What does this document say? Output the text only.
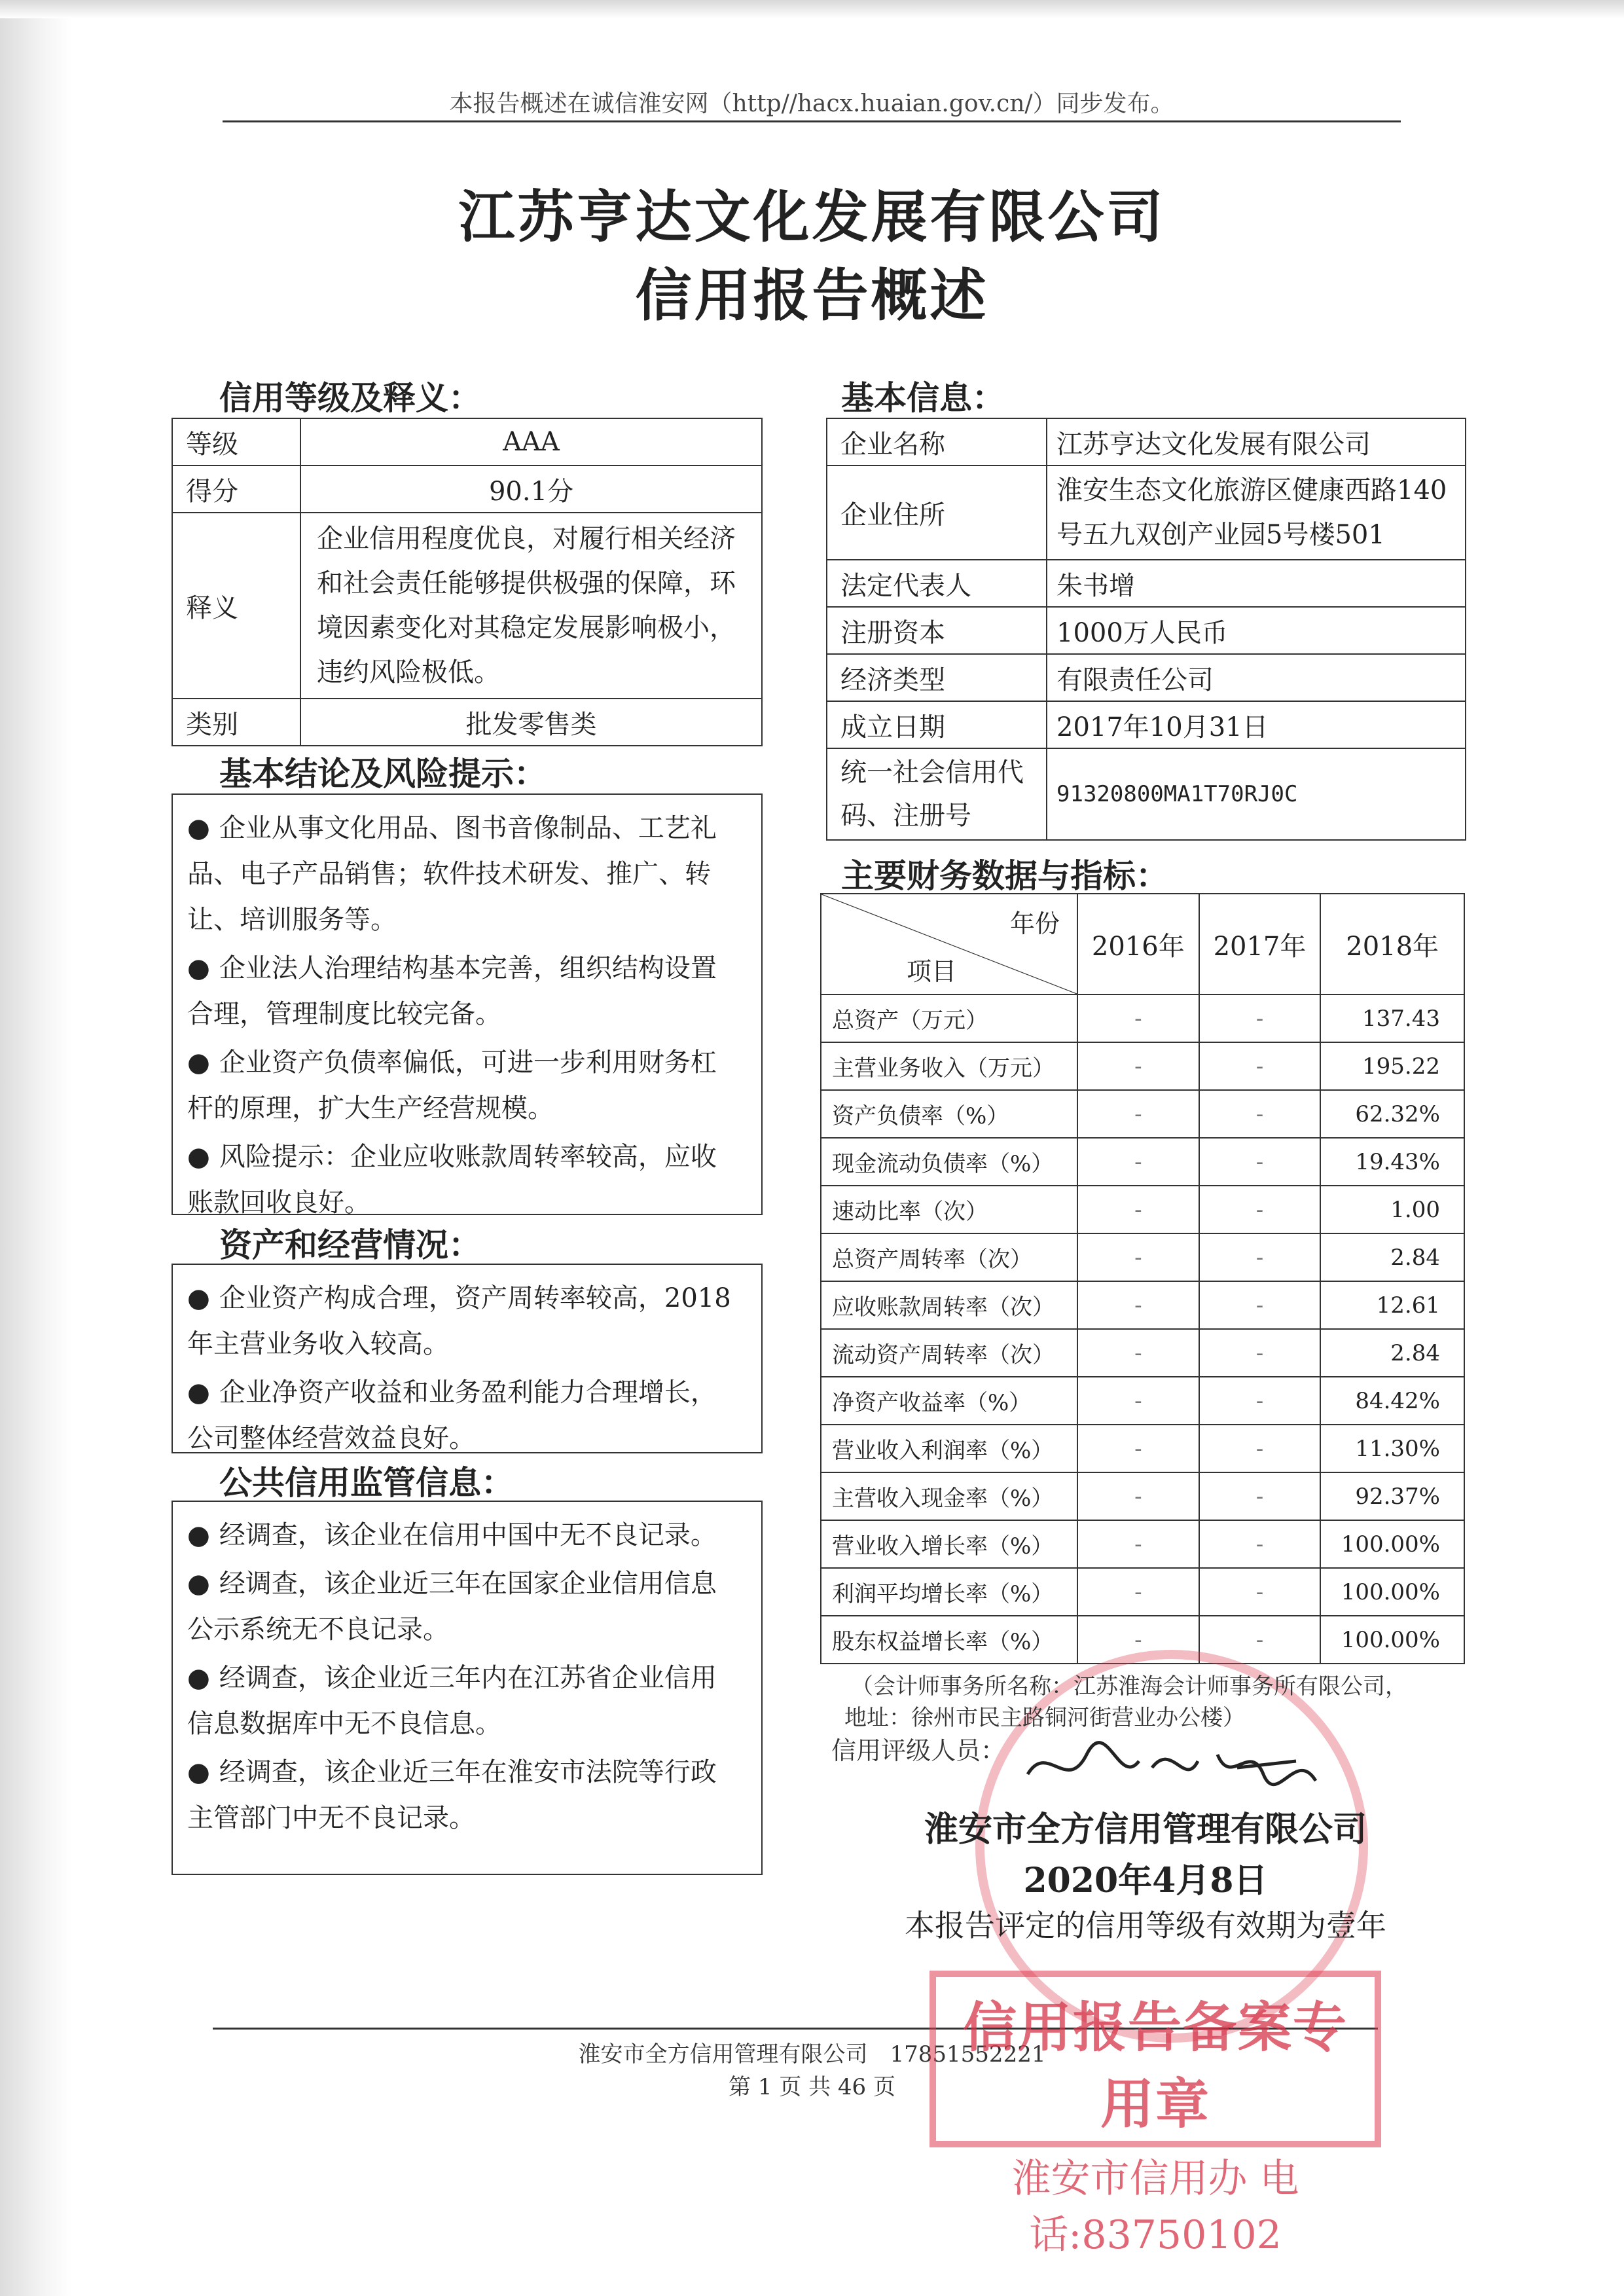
本报告概述在诚信淮安网（http//hacx.huaian.gov.cn/）同步发布。
江苏亨达文化发展有限公司
信用报告概述
信用等级及释义：
等级	AAA
得分	90.1分
释义	企业信用程度优良，对履行相关经济和社会责任能够提供极强的保障，环境因素变化对其稳定发展影响极小，违约风险极低。
类别	批发零售类
基本结论及风险提示：

● 企业从事文化用品、图书音像制品、工艺礼品、电子产品销售；软件技术研发、推广、转让、培训服务等。

● 企业法人治理结构基本完善，组织结构设置合理，管理制度比较完备。

● 企业资产负债率偏低，可进一步利用财务杠杆的原理，扩大生产经营规模。

● 风险提示：企业应收账款周转率较高，应收账款回收良好。

资产和经营情况：

● 企业资产构成合理，资产周转率较高，2018年主营业务收入较高。

● 企业净资产收益和业务盈利能力合理增长，公司整体经营效益良好。

公共信用监管信息：

● 经调查，该企业在信用中国中无不良记录。

● 经调查，该企业近三年在国家企业信用信息公示系统无不良记录。

● 经调查，该企业近三年内在江苏省企业信用信息数据库中无不良信息。

● 经调查，该企业近三年在淮安市法院等行政主管部门中无不良记录。

基本信息：
企业名称	江苏亨达文化发展有限公司
企业住所	淮安生态文化旅游区健康西路140号五九双创产业园5号楼501
法定代表人	朱书增
注册资本	1000万人民币
经济类型	有限责任公司
成立日期	2017年10月31日
统一社会信用代码、注册号	91320800MA1T70RJ0C
主要财务数据与指标：
年份
项目	2016年	2017年	2018年
总资产（万元）	-	-	137.43
主营业务收入（万元）	-	-	195.22
资产负债率（%）	-	-	62.32%
现金流动负债率（%）	-	-	19.43%
速动比率（次）	-	-	1.00
总资产周转率（次）	-	-	2.84
应收账款周转率（次）	-	-	12.61
流动资产周转率（次）	-	-	2.84
净资产收益率（%）	-	-	84.42%
营业收入利润率（%）	-	-	11.30%
主营收入现金率（%）	-	-	92.37%
营业收入增长率（%）	-	-	100.00%
利润平均增长率（%）	-	-	100.00%
股东权益增长率（%）	-	-	100.00%
（会计师事务所名称：江苏淮海会计师事务所有限公司，
地址：徐州市民主路铜河街营业办公楼）
信用评级人员：
淮安市全方信用管理有限公司
2020年4月8日
本报告评定的信用等级有效期为壹年
淮安市全方信用管理有限公司　17851552221
第 1 页 共 46 页
信用报告备案专用章
淮安市信用办 电话:83750102
